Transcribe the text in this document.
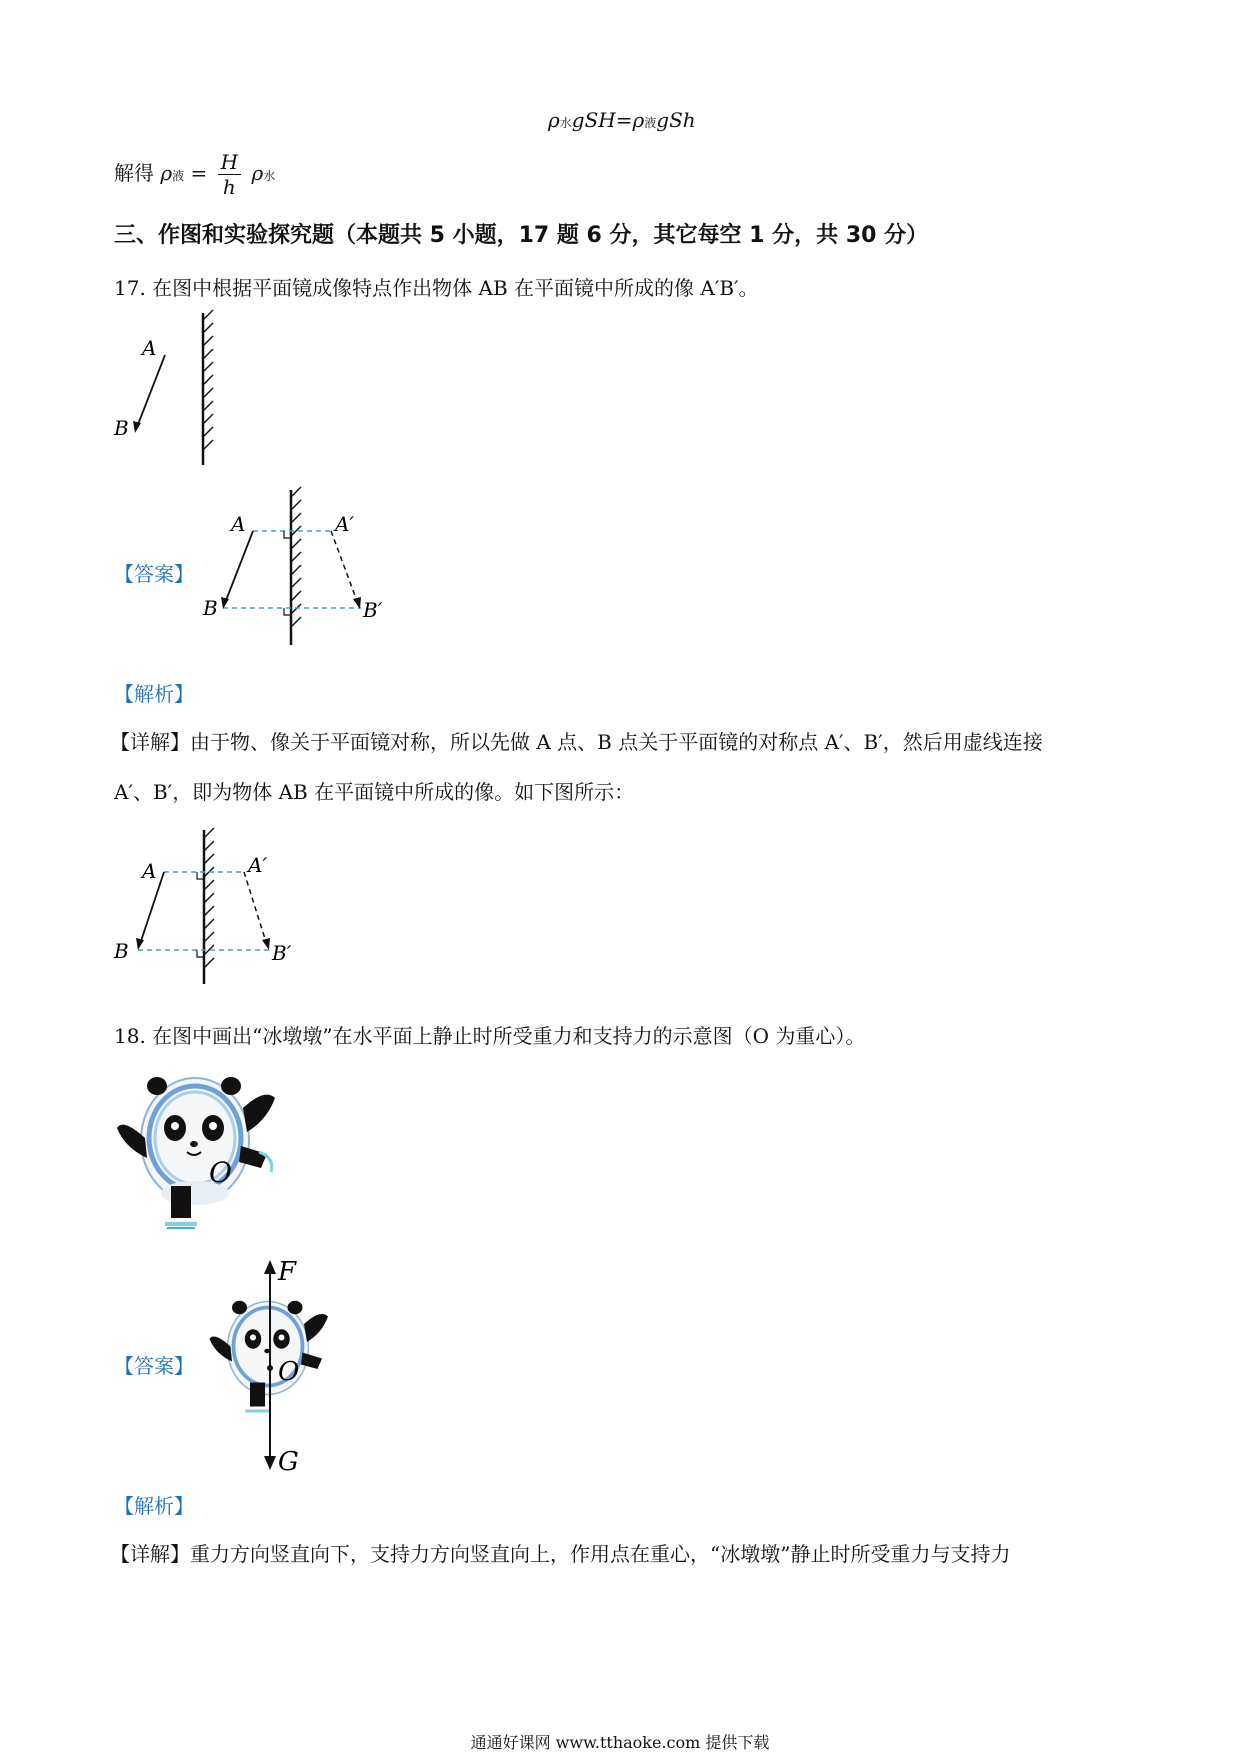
ρ水gSH=ρ液gSh
解得 ρ液 = $\frac{H}{h}$ ρ水
三、作图和实验探究题（本题共 5 小题，17 题 6 分，其它每空 1 分，共 30 分）
17. 在图中根据平面镜成像特点作出物体 AB 在平面镜中所成的像 A′B′。
A
B
【答案】
A
B
A′
B′
【解析】
【详解】由于物、像关于平面镜对称，所以先做 A 点、B 点关于平面镜的对称点 A′、B′，然后用虚线连接
A′、B′，即为物体 AB 在平面镜中所成的像。如下图所示：
A
B
A′
B′
18. 在图中画出“冰墩墩”在水平面上静止时所受重力和支持力的示意图（O 为重心）。
O
【答案】
F
O
G
【解析】
【详解】重力方向竖直向下，支持力方向竖直向上，作用点在重心，“冰墩墩”静止时所受重力与支持力
通通好课网 www.tthaoke.com 提供下载
